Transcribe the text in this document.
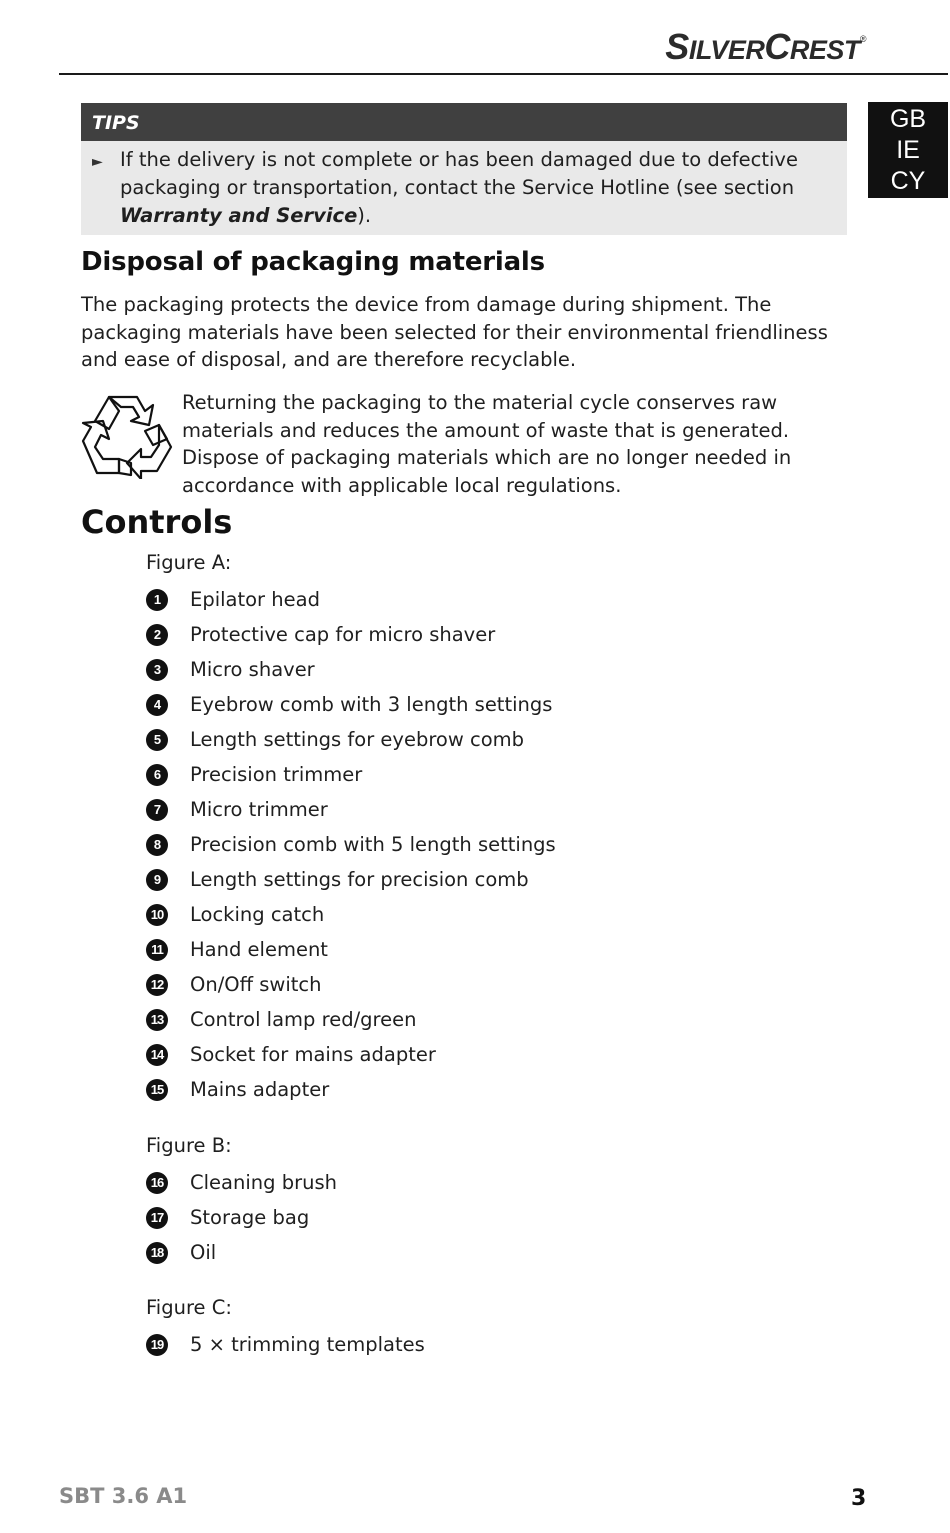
SILVERCREST®
GB
IE
CY
TIPS
► If the delivery is not complete or has been damaged due to defective packaging or transportation, contact the Service Hotline (see section Warranty and Service).
Disposal of packaging materials

The packaging protects the device from damage during shipment. The packaging materials have been selected for their environmental friendliness and ease of disposal, and are therefore recyclable.

Returning the packaging to the material cycle conserves raw materials and reduces the amount of waste that is generated. Dispose of packaging materials which are no longer needed in accordance with applicable local regulations.

Controls
Figure A:
1	Epilator head
2	Protective cap for micro shaver
3	Micro shaver
4	Eyebrow comb with 3 length settings
5	Length settings for eyebrow comb
6	Precision trimmer
7	Micro trimmer
8	Precision comb with 5 length settings
9	Length settings for precision comb
10 Locking catch
11 Hand element
12 On/Off switch
13 Control lamp red/green
14 Socket for mains adapter
15 Mains adapter
Figure B:
16 Cleaning brush
17 Storage bag
18 Oil
Figure C:
19 5 × trimming templates
SBT 3.6 A1	3
